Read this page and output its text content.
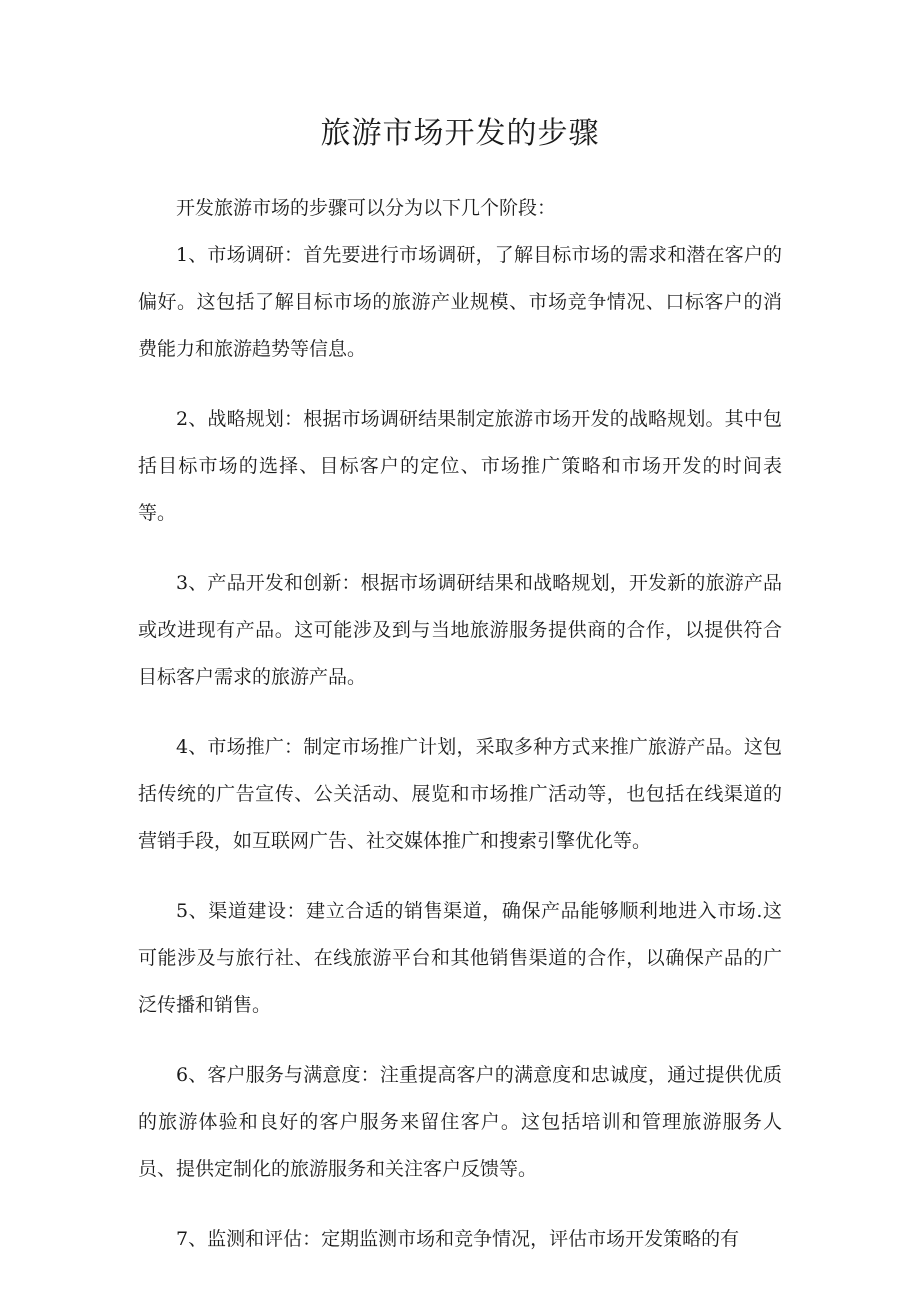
旅游市场开发的步骤

开发旅游市场的步骤可以分为以下几个阶段：

1、市场调研：首先要进行市场调研，了解目标市场的需求和潜在客户的偏好。这包括了解目标市场的旅游产业规模、市场竞争情况、口标客户的消费能力和旅游趋势等信息。

2、战略规划：根据市场调研结果制定旅游市场开发的战略规划。其中包括目标市场的选择、目标客户的定位、市场推广策略和市场开发的时间表等。

3、产品开发和创新：根据市场调研结果和战略规划，开发新的旅游产品或改进现有产品。这可能涉及到与当地旅游服务提供商的合作，以提供符合目标客户需求的旅游产品。

4、市场推广：制定市场推广计划，采取多种方式来推广旅游产品。这包括传统的广告宣传、公关活动、展览和市场推广活动等，也包括在线渠道的营销手段，如互联网广告、社交媒体推广和搜索引擎优化等。

5、渠道建设：建立合适的销售渠道，确保产品能够顺利地进入市场.这可能涉及与旅行社、在线旅游平台和其他销售渠道的合作，以确保产品的广泛传播和销售。

6、客户服务与满意度：注重提高客户的满意度和忠诚度，通过提供优质的旅游体验和良好的客户服务来留住客户。这包括培训和管理旅游服务人员、提供定制化的旅游服务和关注客户反馈等。

7、监测和评估：定期监测市场和竞争情况，评估市场开发策略的有
